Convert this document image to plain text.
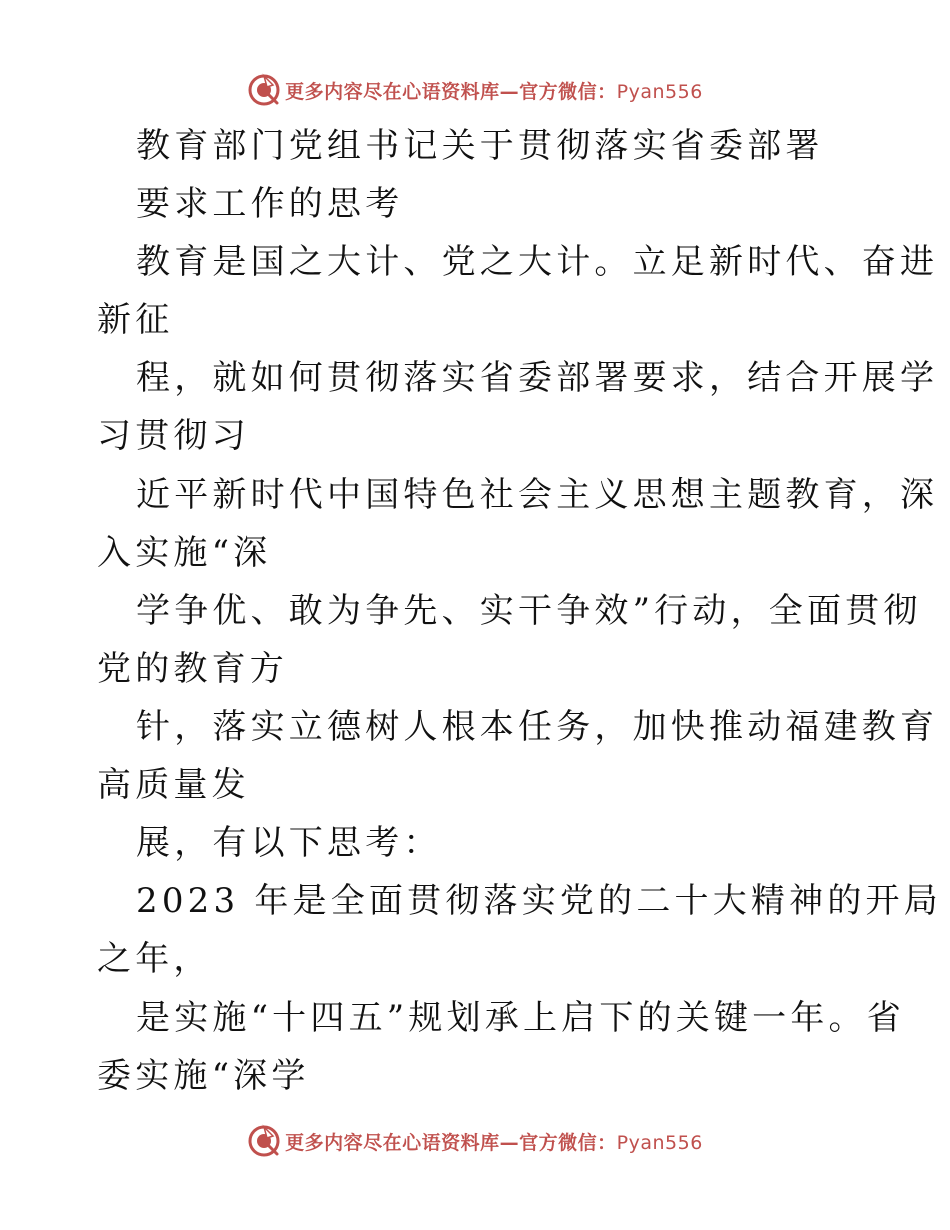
更多内容尽在心语资料库—官方微信：Pyan556
教育部门党组书记关于贯彻落实省委部署
要求工作的思考
教育是国之大计、党之大计。立足新时代、奋进
新征
程，就如何贯彻落实省委部署要求，结合开展学
习贯彻习
近平新时代中国特色社会主义思想主题教育，深
入实施“深
学争优、敢为争先、实干争效”行动，全面贯彻
党的教育方
针，落实立德树人根本任务，加快推动福建教育
高质量发
展，有以下思考：
2023 年是全面贯彻落实党的二十大精神的开局
之年，
是实施“十四五”规划承上启下的关键一年。省
委实施“深学
更多内容尽在心语资料库—官方微信：Pyan556
